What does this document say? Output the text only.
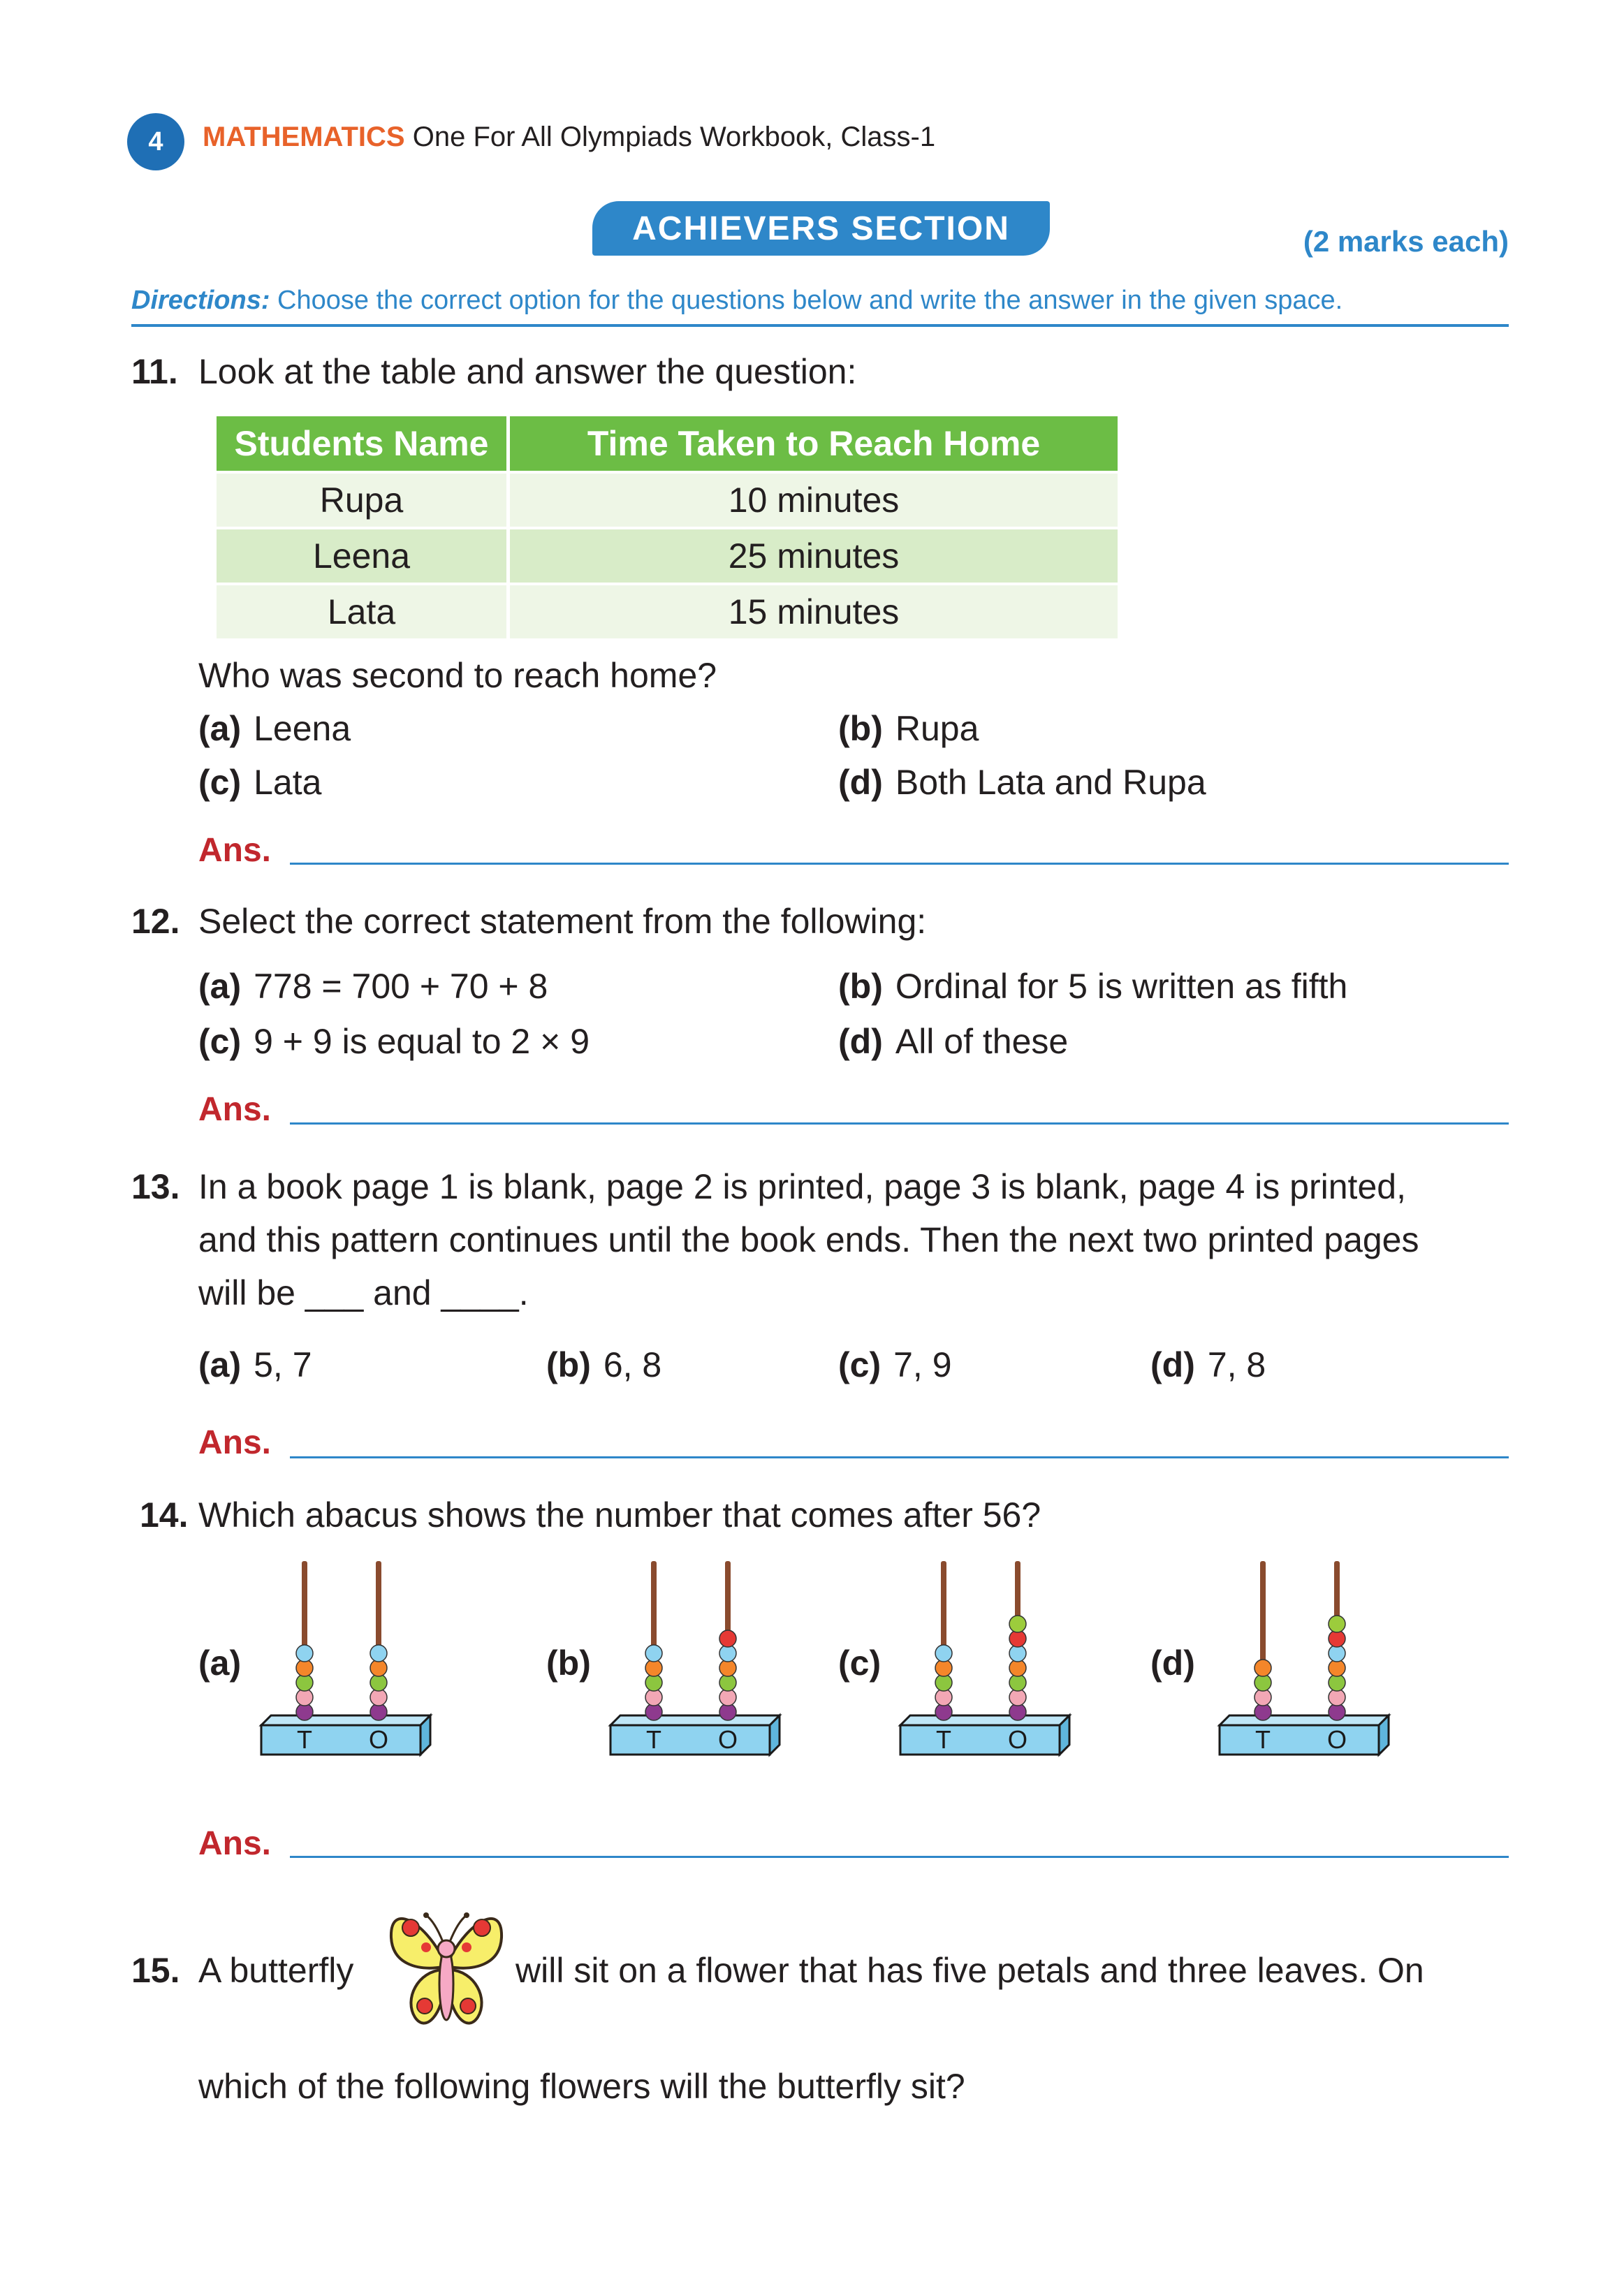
4 MATHEMATICS One For All Olympiads Workbook, Class-1
ACHIEVERS SECTION	(2 marks each)
Directions: Choose the correct option for the questions below and write the answer in the given space.
11. Look at the table and answer the question:
Students Name	Time Taken to Reach Home
Rupa	10 minutes
Leena	25 minutes
Lata	15 minutes
Who was second to reach home?
(a) Leena	(b) Rupa
(c) Lata	(d) Both Lata and Rupa
Ans.
12. Select the correct statement from the following:
(a) 778 = 700 + 70 + 8	(b) Ordinal for 5 is written as fifth
(c) 9 + 9 is equal to 2 × 9	(d) All of these
Ans.
13. In a book page 1 is blank, page 2 is printed, page 3 is blank, page 4 is printed,
and this pattern continues until the book ends. Then the next two printed pages
will be ___ and ____.
(a) 5, 7	(b) 6, 8	(c) 7, 9	(d) 7, 8
Ans.
14. Which abacus shows the number that comes after 56?
(a)	(b)	(c)	(d)
T O	T O	T O	T O
Ans.
15. A butterfly	will sit on a flower that has five petals and three leaves. On
which of the following flowers will the butterfly sit?
